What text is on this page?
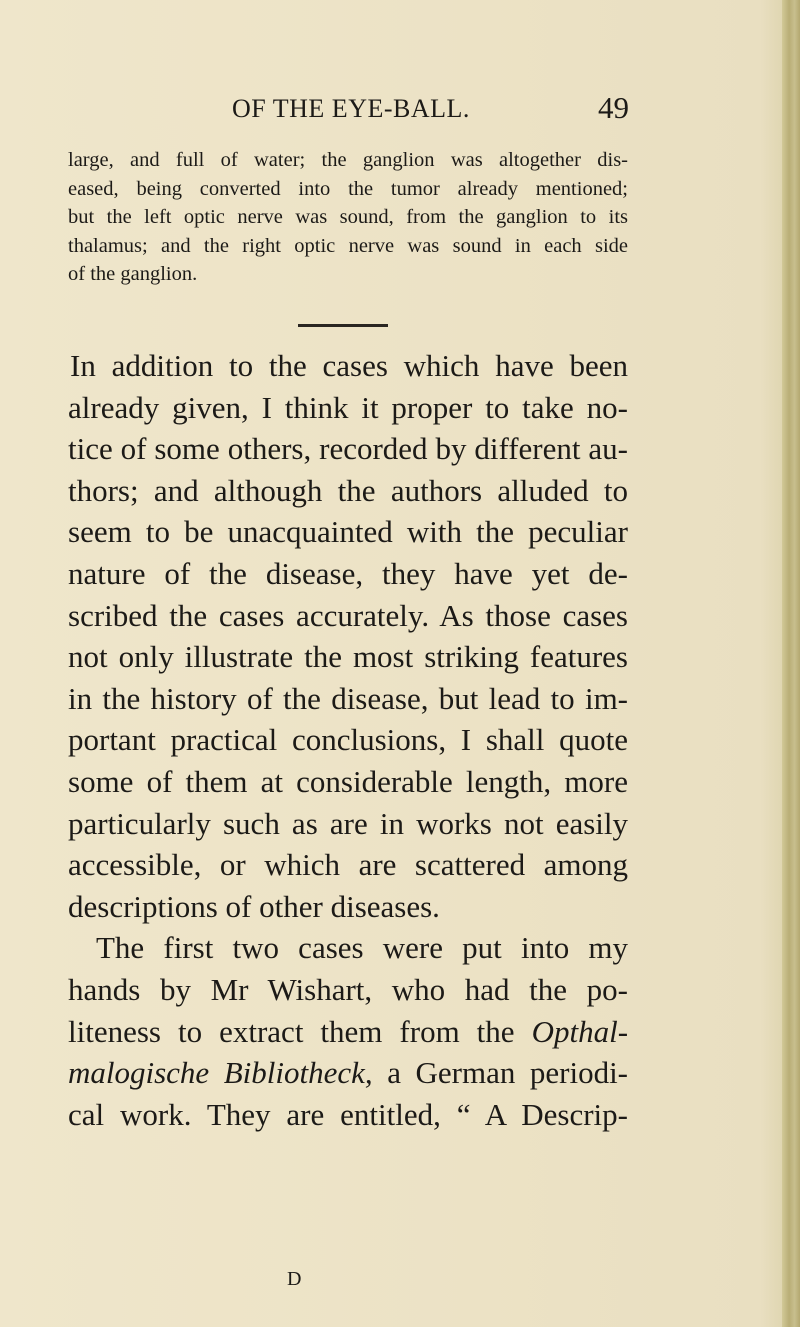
OF THE EYE-BALL.	49
large, and full of water; the ganglion was altogether dis-
eased, being converted into the tumor already mentioned;
but the left optic nerve was sound, from the ganglion to its
thalamus; and the right optic nerve was sound in each side
of the ganglion.
In addition to the cases which have been
already given, I think it proper to take no-
tice of some others, recorded by different au-
thors; and although the authors alluded to
seem to be unacquainted with the peculiar
nature of the disease, they have yet de-
scribed the cases accurately. As those cases
not only illustrate the most striking features
in the history of the disease, but lead to im-
portant practical conclusions, I shall quote
some of them at considerable length, more
particularly such as are in works not easily
accessible, or which are scattered among
descriptions of other diseases.
The first two cases were put into my
hands by Mr Wishart, who had the po-
liteness to extract them from the Opthal-
malogische Bibliotheck, a German periodi-
cal work. They are entitled, “ A Descrip-
D
